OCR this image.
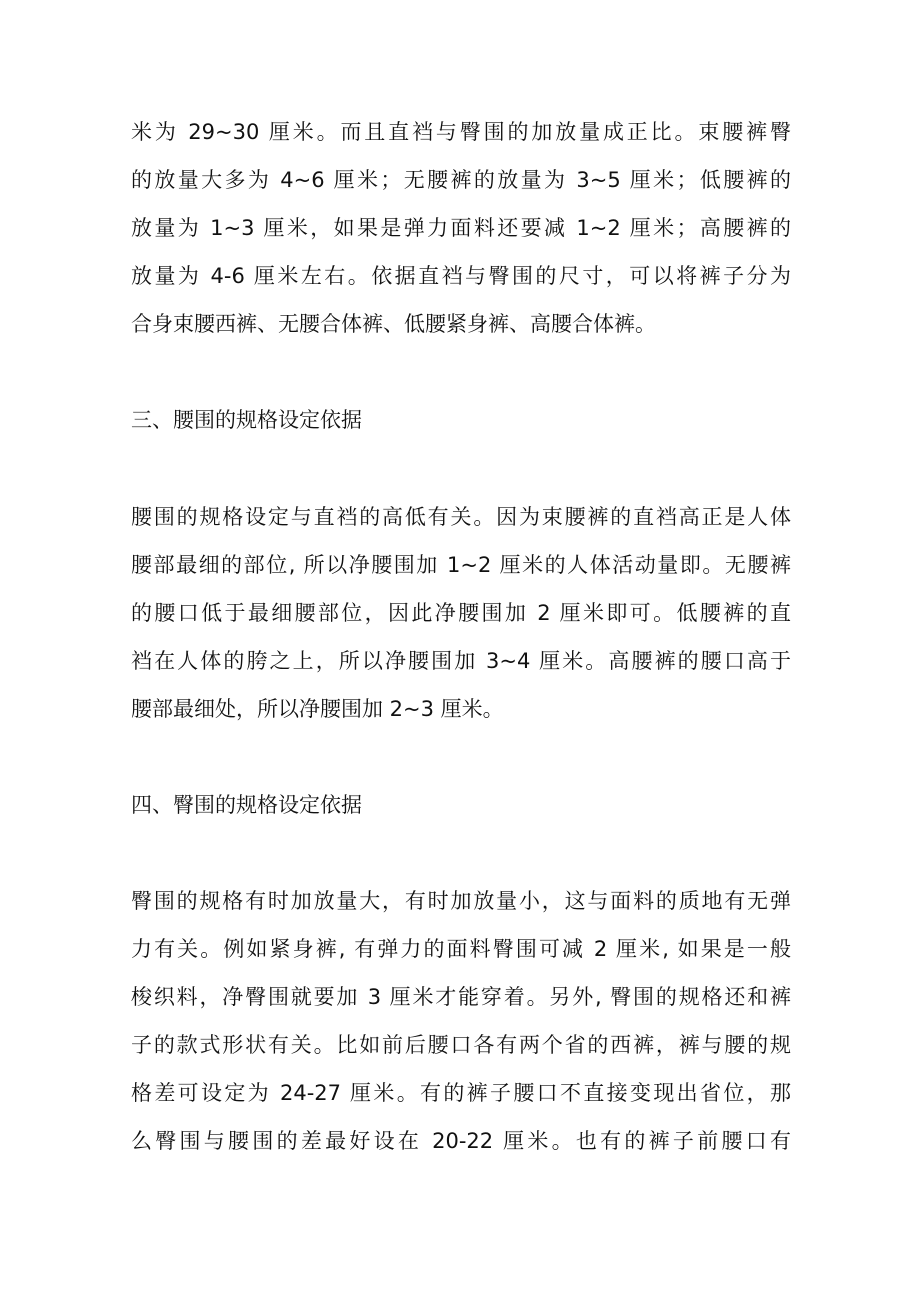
米为 29~30 厘米。而且直裆与臀围的加放量成正比。束腰裤臀
的放量大多为 4~6 厘米；无腰裤的放量为 3~5 厘米；低腰裤的
放量为 1~3 厘米，如果是弹力面料还要减 1~2 厘米；高腰裤的
放量为 4-6 厘米左右。依据直裆与臀围的尺寸，可以将裤子分为
合身束腰西裤、无腰合体裤、低腰紧身裤、高腰合体裤。
三、腰围的规格设定依据
腰围的规格设定与直裆的高低有关。因为束腰裤的直裆高正是人体
腰部最细的部位, 所以净腰围加 1~2 厘米的人体活动量即。无腰裤
的腰口低于最细腰部位，因此净腰围加 2 厘米即可。低腰裤的直
裆在人体的胯之上，所以净腰围加 3~4 厘米。高腰裤的腰口高于
腰部最细处，所以净腰围加 2~3 厘米。
四、臀围的规格设定依据
臀围的规格有时加放量大，有时加放量小，这与面料的质地有无弹
力有关。例如紧身裤, 有弹力的面料臀围可减 2 厘米, 如果是一般
梭织料，净臀围就要加 3 厘米才能穿着。另外, 臀围的规格还和裤
子的款式形状有关。比如前后腰口各有两个省的西裤，裤与腰的规
格差可设定为 24-27 厘米。有的裤子腰口不直接变现出省位，那
么臀围与腰围的差最好设在 20-22 厘米。也有的裤子前腰口有
